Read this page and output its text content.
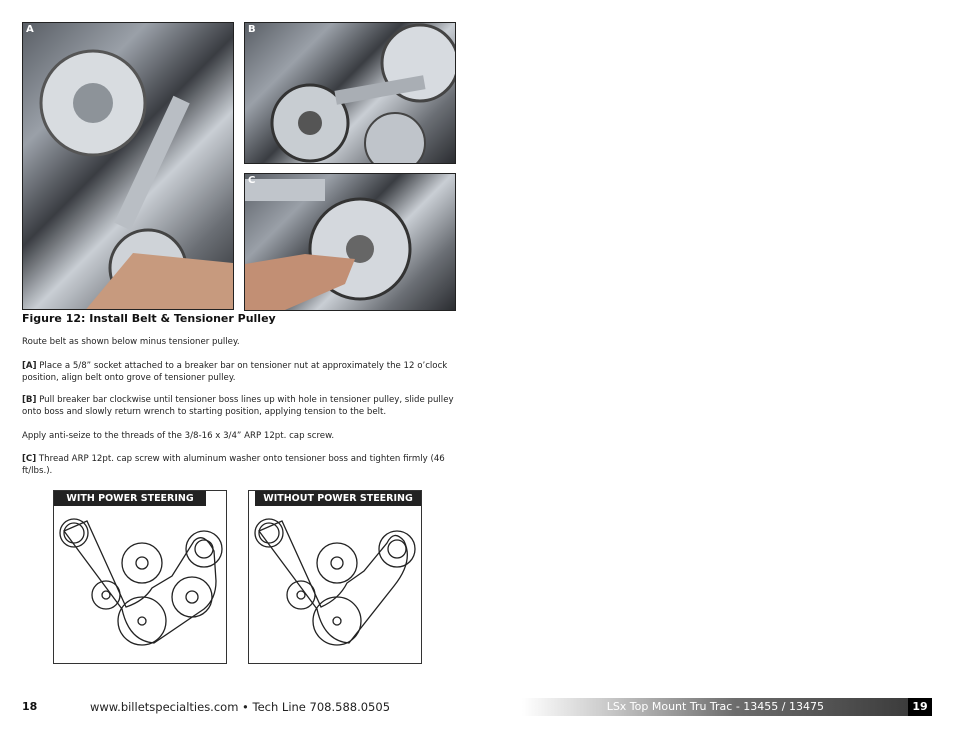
A	B
C
Figure 12: Install Belt & Tensioner Pulley
Route belt as shown below minus tensioner pulley.
[A] Place a 5/8” socket attached to a breaker bar on tensioner nut at approximately the 12 o’clock position, align belt onto grove of tensioner pulley.
[B] Pull breaker bar clockwise until tensioner boss lines up with hole in tensioner pulley, slide pulley onto boss and slowly return wrench to starting position, applying tension to the belt.
Apply anti-seize to the threads of the 3/8-16 x 3/4” ARP 12pt. cap screw.
[C] Thread ARP 12pt. cap screw with aluminum washer onto tensioner boss and tighten firmly (46 ft/lbs.).
WITH POWER STEERING	WITHOUT POWER STEERING
18	www.billetspecialties.com • Tech Line 708.588.0505	LSx Top Mount Tru Trac - 13455 / 13475	19
